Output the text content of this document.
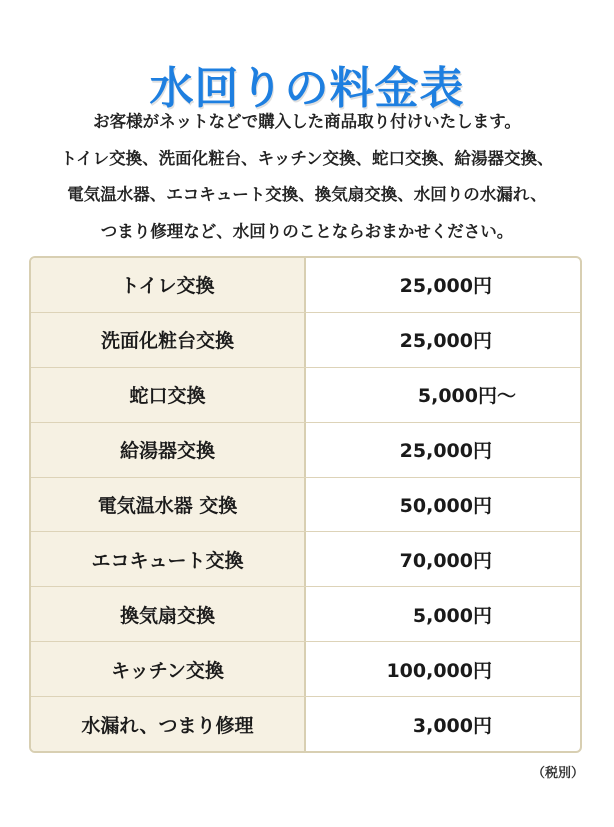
水回りの料金表
お客様がネットなどで購入した商品取り付けいたします。
トイレ交換、洗面化粧台、キッチン交換、蛇口交換、給湯器交換、
電気温水器、エコキュート交換、換気扇交換、水回りの水漏れ、
つまり修理など、水回りのことならおまかせください。
トイレ交換	25,000円
洗面化粧台交換	25,000円
蛇口交換	5,000円〜
給湯器交換	25,000円
電気温水器 交換	50,000円
エコキュート交換	70,000円
換気扇交換	5,000円
キッチン交換	100,000円
水漏れ、つまり修理	3,000円
（税別）
